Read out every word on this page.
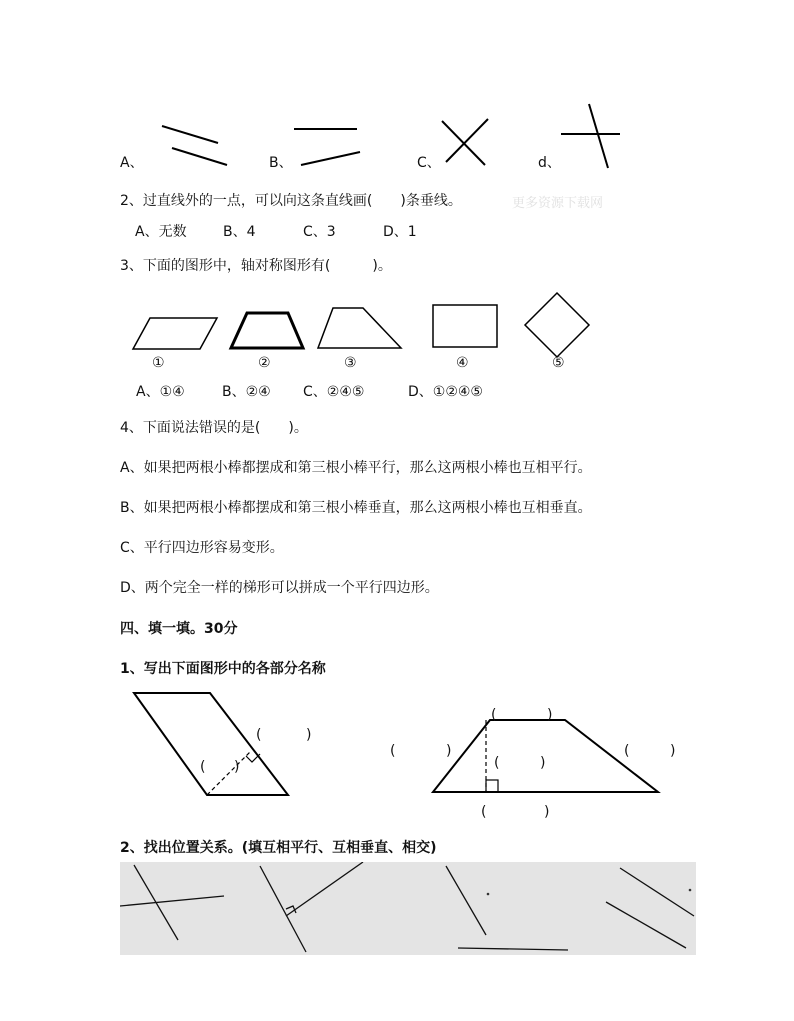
A、	B、	C、	d、
2、过直线外的一点，可以向这条直线画(　　)条垂线。	更多资源下载网
A、无数	B、4	C、3	D、1
3、下面的图形中，轴对称图形有(　　　)。
①	②	③	④	⑤
A、①④	B、②④ C、②④⑤	D、①②④⑤
4、下面说法错误的是(　　)。
A、如果把两根小棒都摆成和第三根小棒平行，那么这两根小棒也互相平行。
B、如果把两根小棒都摆成和第三根小棒垂直，那么这两根小棒也互相垂直。
C、平行四边形容易变形。
D、两个完全一样的梯形可以拼成一个平行四边形。
四、填一填。30分
1、写出下面图形中的各部分名称
(	)
( )
(	)
(	)	(	)
(	)
(	)
2、找出位置关系。(填互相平行、互相垂直、相交)
